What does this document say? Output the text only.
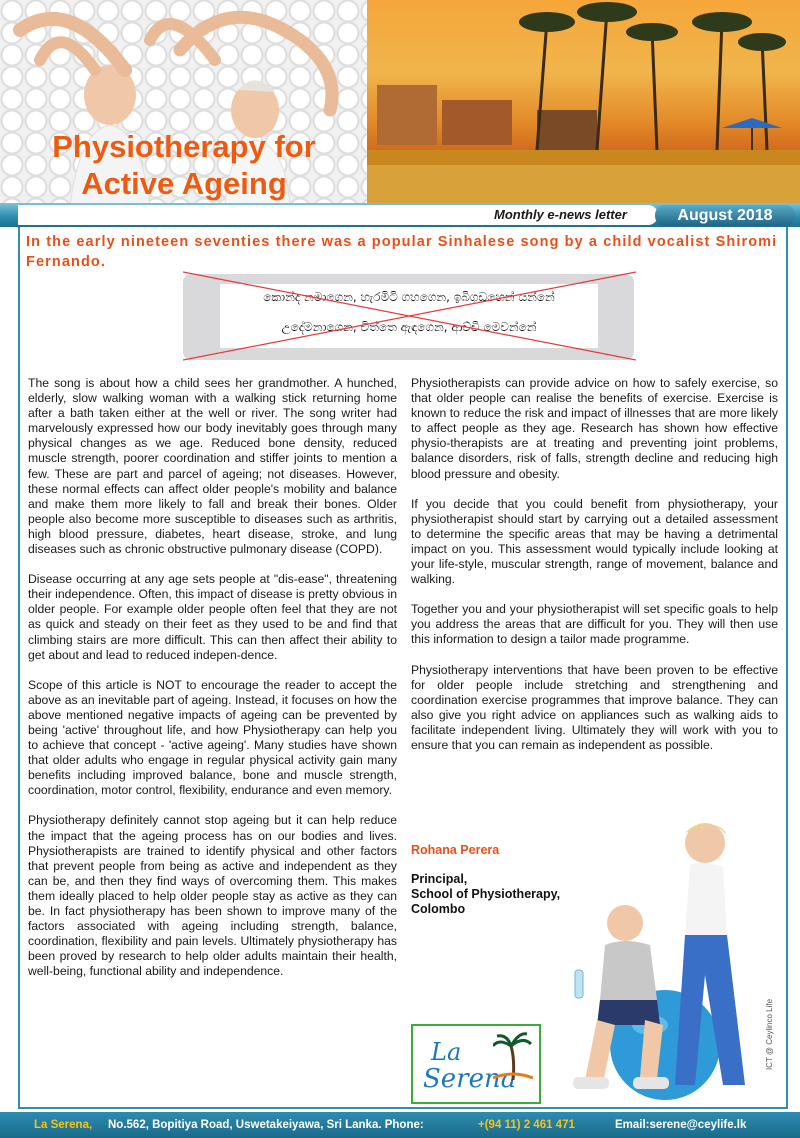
Physiotherapy for
Active Ageing
Monthly e-news letter	August 2018
In the early nineteen seventies there was a popular Sinhalese song by a child vocalist Shiromi Fernando.
කොන්ද නමාගෙන, හැරමිටි ගහගෙන, ඉබිගුඩහෙන් යන්නේ
උදේමනාගෙන, චිත්තෙ ඇඳගෙන, ආච්චි මෙවන්නේ

The song is about how a child sees her grandmother. A hunched, elderly, slow walking woman with a walking stick returning home after a bath taken either at the well or river. The song writer had marvelously expressed how our body inevitably goes through many physical changes as we age. Reduced bone density, reduced muscle strength, poorer coordination and stiffer joints to mention a few. These are part and parcel of ageing; not diseases. However, these normal effects can affect older people's mobility and balance and make them more likely to fall and break their bones. Older people also become more susceptible to diseases such as arthritis, high blood pressure, diabetes, heart disease, stroke, and lung diseases such as chronic obstructive pulmonary disease (COPD).

Disease occurring at any age sets people at "dis-ease", threatening their independence. Often, this impact of disease is pretty obvious in older people. For example older people often feel that they are not as quick and steady on their feet as they used to be and find that climbing stairs are more difficult. This can then affect their ability to get about and lead to reduced indepen-dence.

Scope of this article is NOT to encourage the reader to accept the above as an inevitable part of ageing. Instead, it focuses on how the above mentioned negative impacts of ageing can be prevented by being 'active' throughout life, and how Physiotherapy can help you to achieve that concept - 'active ageing'. Many studies have shown that older adults who engage in regular physical activity gain many benefits including improved balance, bone and muscle strength, coordination, motor control, flexibility, endurance and even memory.

Physiotherapy definitely cannot stop ageing but it can help reduce the impact that the ageing process has on our bodies and lives. Physiotherapists are trained to identify physical and other factors that prevent people from being as active and independent as they can be, and then they find ways of overcoming them. This makes them ideally placed to help older people stay as active as they can be. In fact physiotherapy has been shown to improve many of the factors associated with ageing including strength, balance, coordination, flexibility and pain levels. Ultimately physiotherapy has been proved by research to help older adults maintain their health, well-being, functional ability and independence.

Physiotherapists can provide advice on how to safely exercise, so that older people can realise the benefits of exercise. Exercise is known to reduce the risk and impact of illnesses that are more likely to affect people as they age. Research has shown how effective physio-therapists are at treating and preventing joint problems, balance disorders, risk of falls, strength decline and reducing high blood pressure and obesity.

If you decide that you could benefit from physiotherapy, your physiotherapist should start by carrying out a detailed assessment to determine the specific areas that may be having a detrimental impact on you. This assessment would typically include looking at your life-style, muscular strength, range of movement, balance and walking.

Together you and your physiotherapist will set specific goals to help you address the areas that are difficult for you. They will then use this information to design a tailor made programme.

Physiotherapy interventions that have been proven to be effective for older people include stretching and strengthening and coordination exercise programmes that improve balance. They can also give you right advice on appliances such as walking aids to facilitate independent living. Ultimately they will work with you to ensure that you can remain as independent as possible.

Rohana Perera
Principal,
School of Physiotherapy,
Colombo
La
Serena
ICT @ Ceylinco Life
La Serena, No.562, Bopitiya Road, Uswetakeiyawa, Sri Lanka. Phone:	+(94 11) 2 461 471	Email:serene@ceylife.lk
